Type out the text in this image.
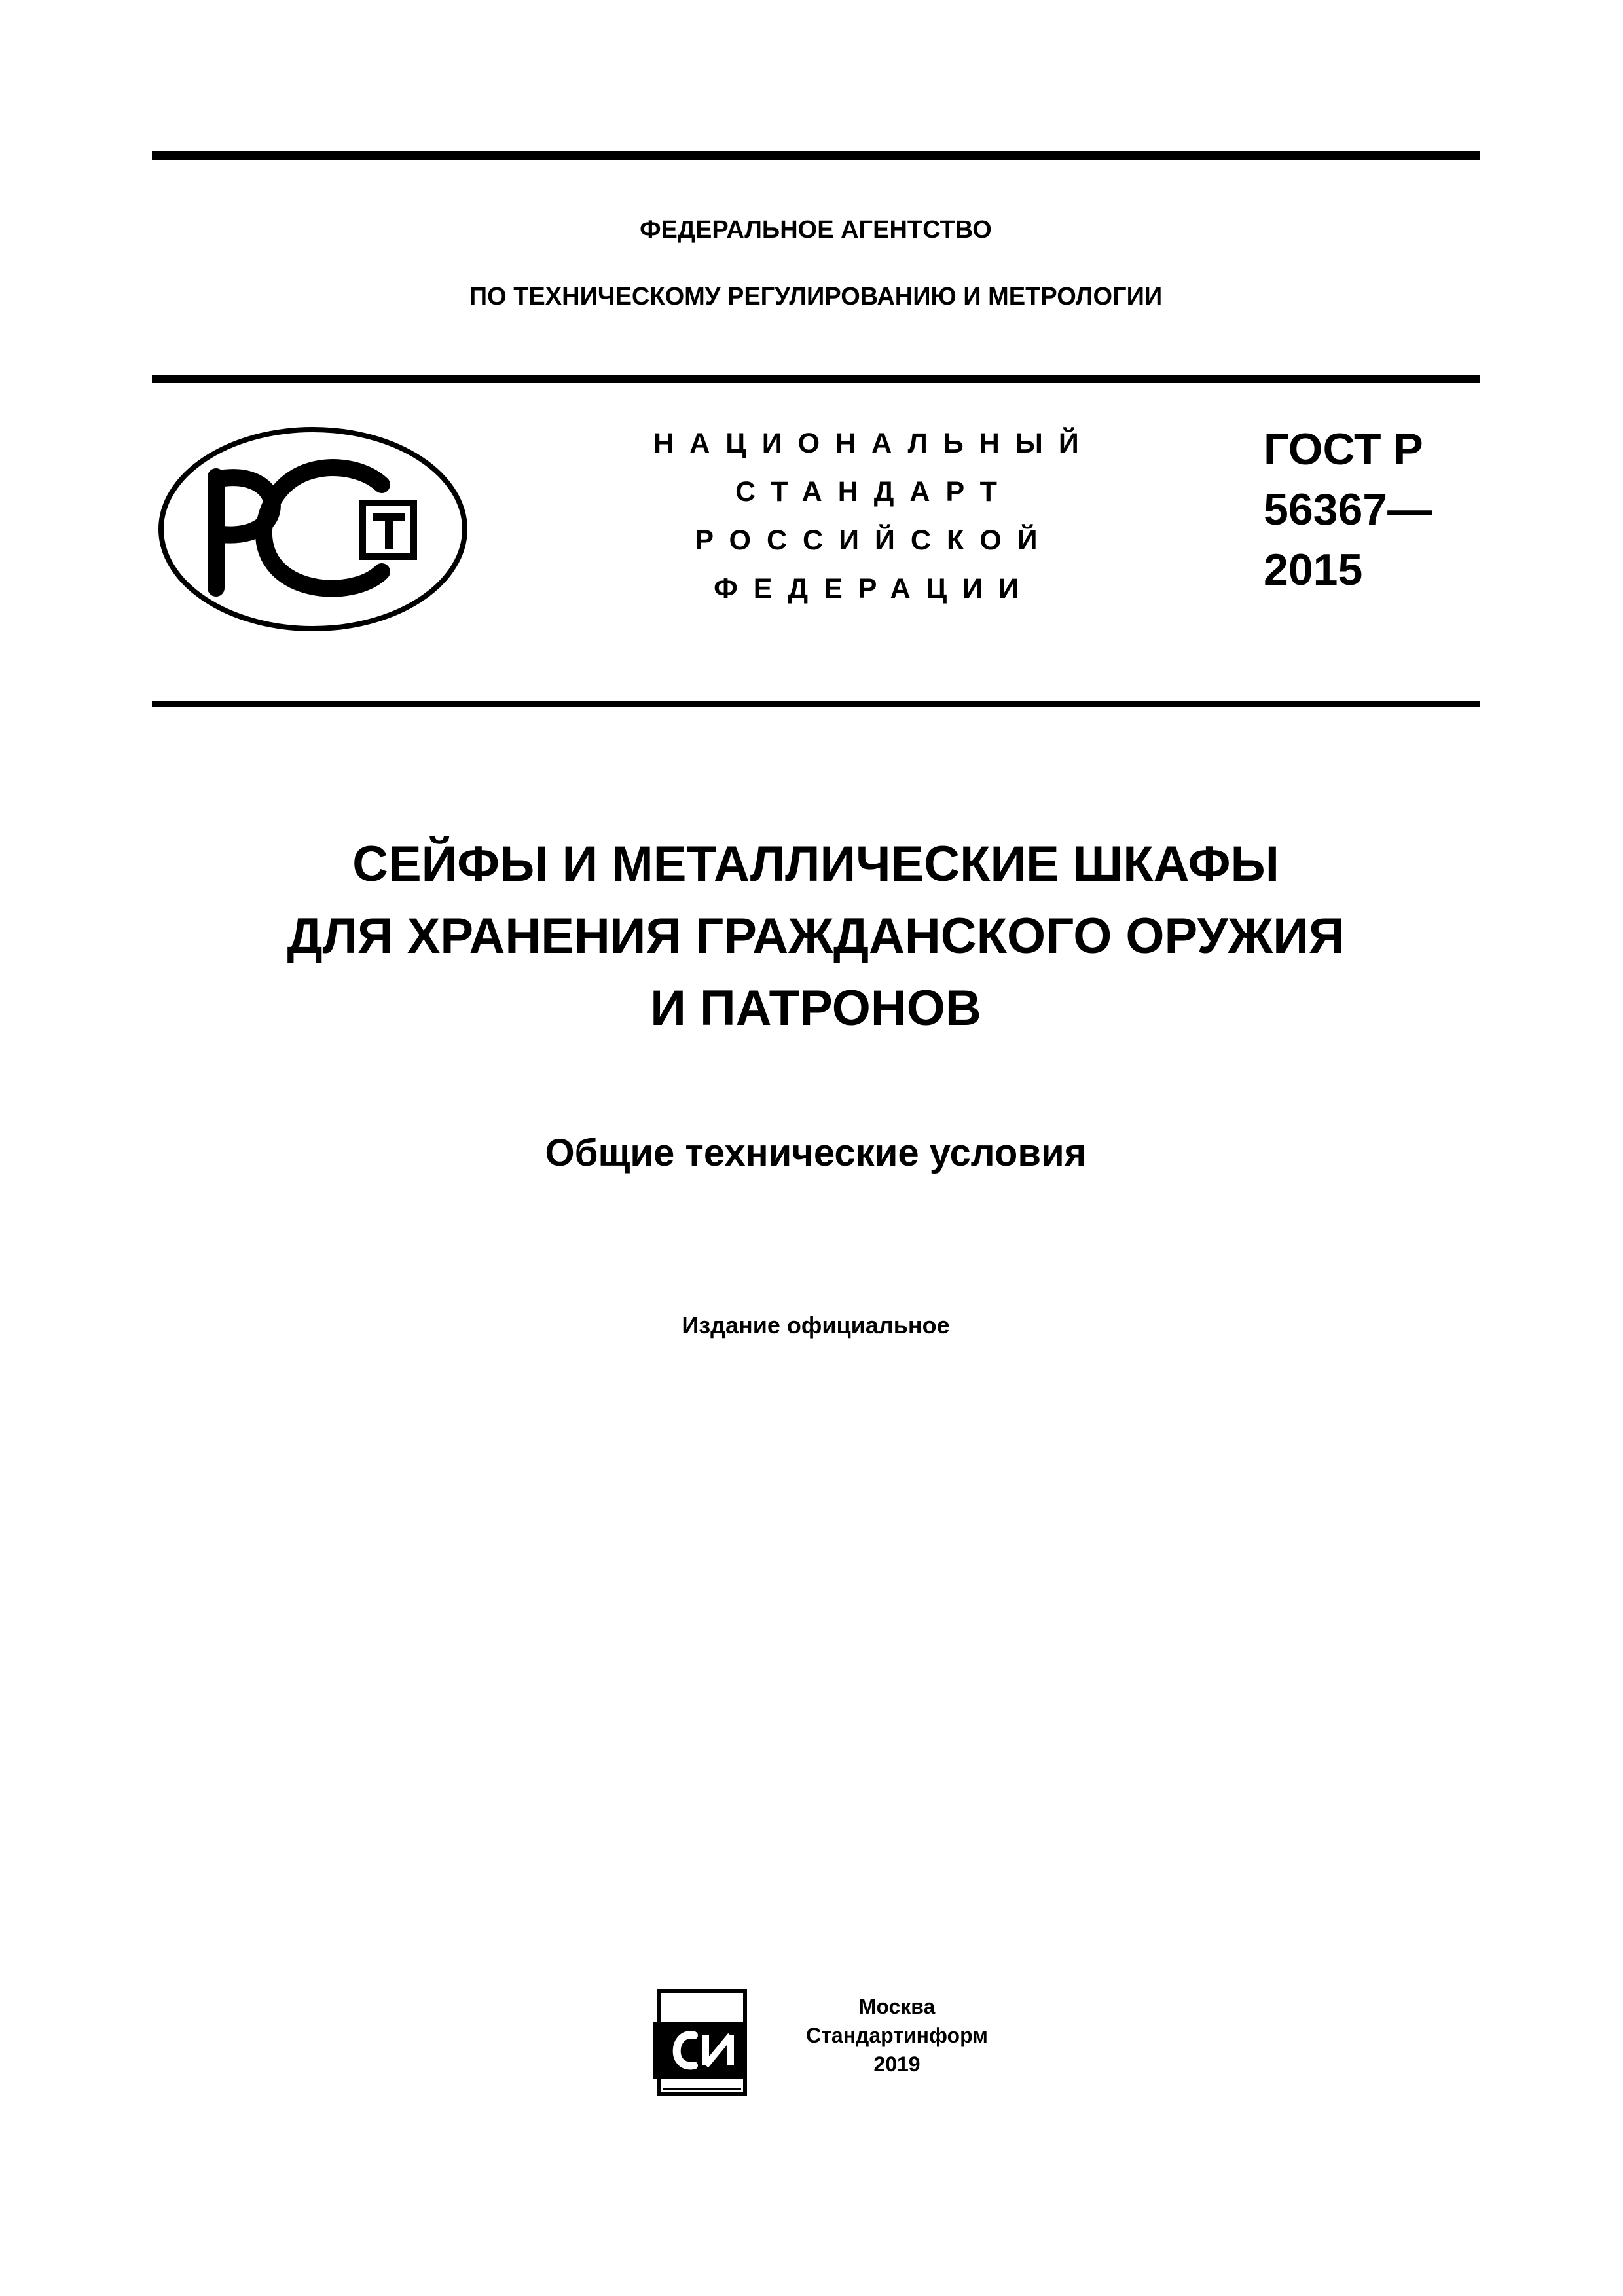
ФЕДЕРАЛЬНОЕ АГЕНТСТВО
ПО ТЕХНИЧЕСКОМУ РЕГУЛИРОВАНИЮ И МЕТРОЛОГИИ
НАЦИОНАЛЬНЫЙ
СТАНДАРТ
РОССИЙСКОЙ
ФЕДЕРАЦИИ
ГОСТ Р
56367—
2015
СЕЙФЫ И МЕТАЛЛИЧЕСКИЕ ШКАФЫ
ДЛЯ ХРАНЕНИЯ ГРАЖДАНСКОГО ОРУЖИЯ
И ПАТРОНОВ
Общие технические условия
Издание официальное
Москва
Стандартинформ
2019
